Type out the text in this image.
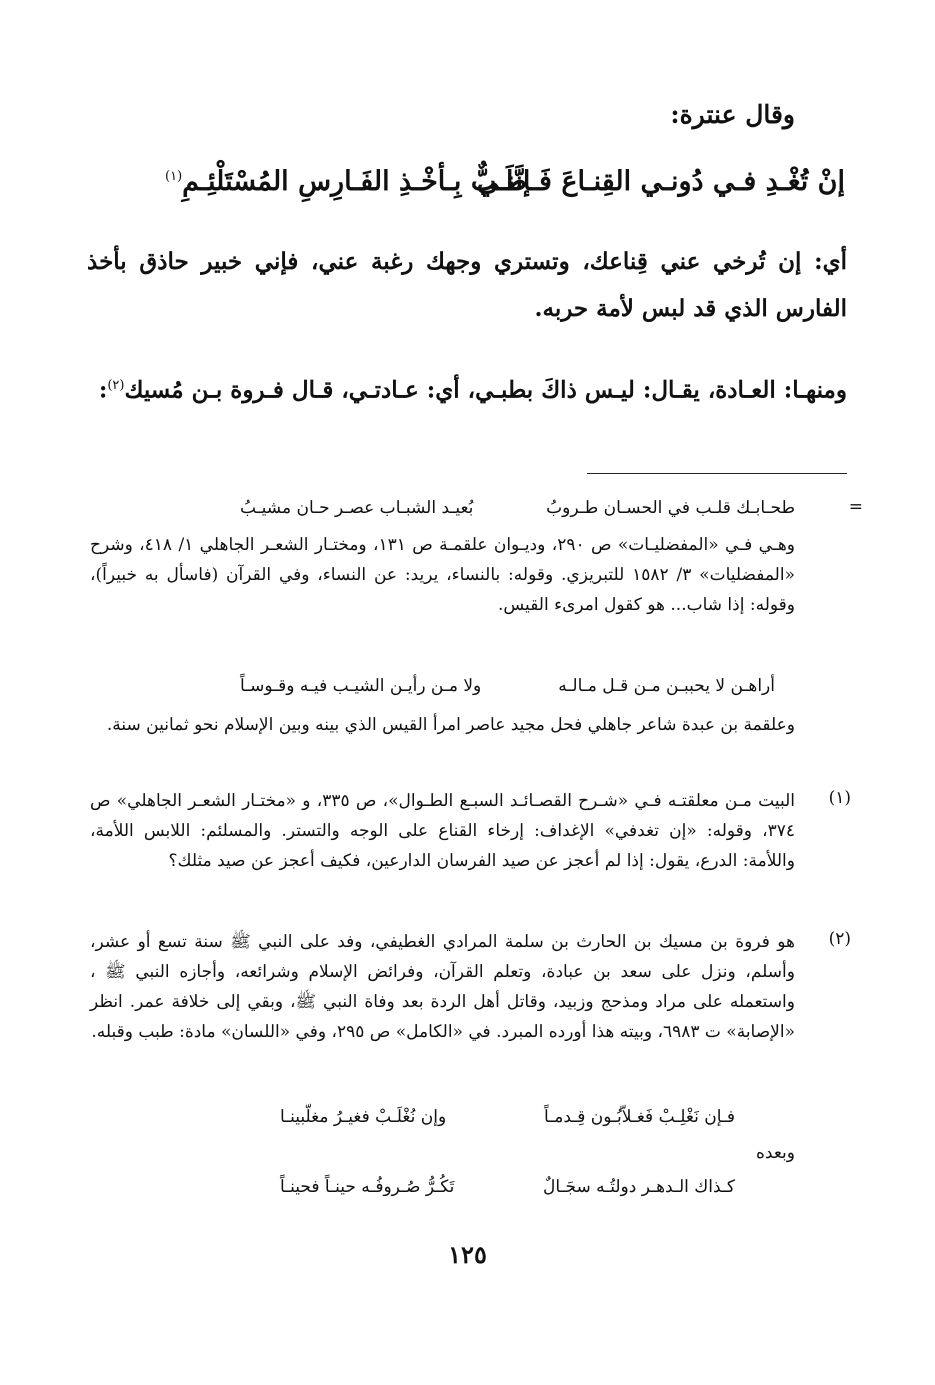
وقال عنترة:
إنْ تُغْـدِ فـي دُونـي القِنـاعَ فَـإنَّنـي
طَـبٌّ بِـأخْـذِ الفَـارِسِ المُسْتَلْئِـمِ$^{(١)}$
أي: إن تُرخي عني قِناعك، وتستري وجهك رغبة عني، فإني خبير حاذق بأخذ الفارس الذي قد لبس لأمة حربه.
ومنهـا: العـادة، يقـال: ليـس ذاكَ بطبـي، أي: عـادتـي، قـال فـروة بـن مُسيك$^{(٢)}$:
=
طحـابـك قلـب في الحسـان طـروبُ
بُعيـد الشبـاب عصـر حـان مشيـبُ
وهـي فـي «المفضليـات» ص ٢٩٠، وديـوان علقمـة ص ١٣١، ومختـار الشعـر الجاهلي ١/ ٤١٨، وشرح «المفضليات» ٣/ ١٥٨٢ للتبريزي. وقوله: بالنساء، يريد: عن النساء، وفي القرآن (فاسأل به خبيراً)، وقوله: إذا شاب... هو كقول امرىء القيس.
أراهـن لا يحببـن مـن قـل مـالـه
ولا مـن رأيـن الشيـب فيـه وقـوسـاً
وعلقمة بن عبدة شاعر جاهلي فحل مجيد عاصر امرأ القيس الذي بينه وبين الإسلام نحو ثمانين سنة.
(١)
البيت مـن معلقتـه فـي «شـرح القصـائـد السبـع الطـوال»، ص ٣٣٥، و «مختـار الشعـر الجاهلي» ص ٣٧٤، وقوله: «إن تغدفي» الإغداف: إرخاء القناع على الوجه والتستر. والمسلئم: اللابس اللأمة، واللأمة: الدرع، يقول: إذا لم أعجز عن صيد الفرسان الدارعين، فكيف أعجز عن صيد مثلك؟
(٢)
هو فروة بن مسيك بن الحارث بن سلمة المرادي الغطيفي، وفد على النبي ﷺ سنة تسع أو عشر، وأسلم، ونزل على سعد بن عبادة، وتعلم القرآن، وفرائض الإسلام وشرائعه، وأجازه النبي ﷺ ، واستعمله على مراد ومذحج وزبيد، وقاتل أهل الردة بعد وفاة النبي ﷺ، وبقي إلى خلافة عمر. انظر «الإصابة» ت ٦٩٨٣، وبيته هذا أورده المبرد. في «الكامل» ص ٢٩٥، وفي «اللسان» مادة: طبب وقبله.
فـإن نَغْلِـبْ فَغـلاّبُـون قِـدمـاً
وإن نُغْلَـبْ فغيـرُ مغلّبينـا
وبعده
كـذاك الـدهـر دولتُـه سجَـالٌ
تَكُـرُّ صُـروفُـه حينـاً فحينـاً
١٢٥
